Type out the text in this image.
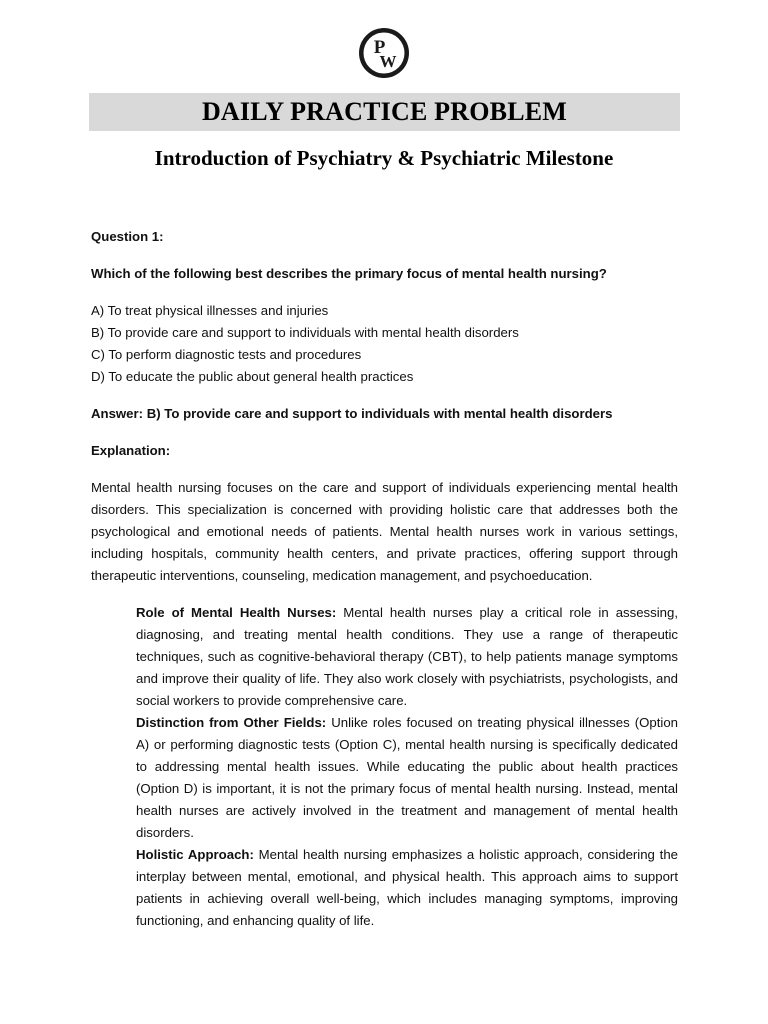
P
W
DAILY PRACTICE PROBLEM
Introduction of Psychiatry & Psychiatric Milestone

Question 1:

Which of the following best describes the primary focus of mental health nursing?

A) To treat physical illnesses and injuries
B) To provide care and support to individuals with mental health disorders
C) To perform diagnostic tests and procedures
D) To educate the public about general health practices

Answer: B) To provide care and support to individuals with mental health disorders

Explanation:

Mental health nursing focuses on the care and support of individuals experiencing mental health disorders. This specialization is concerned with providing holistic care that addresses both the psychological and emotional needs of patients. Mental health nurses work in various settings, including hospitals, community health centers, and private practices, offering support through therapeutic interventions, counseling, medication management, and psychoeducation.

Role of Mental Health Nurses: Mental health nurses play a critical role in assessing, diagnosing, and treating mental health conditions. They use a range of therapeutic techniques, such as cognitive-behavioral therapy (CBT), to help patients manage symptoms and improve their quality of life. They also work closely with psychiatrists, psychologists, and social workers to provide comprehensive care.

Distinction from Other Fields: Unlike roles focused on treating physical illnesses (Option A) or performing diagnostic tests (Option C), mental health nursing is specifically dedicated to addressing mental health issues. While educating the public about health practices (Option D) is important, it is not the primary focus of mental health nursing. Instead, mental health nurses are actively involved in the treatment and management of mental health disorders.

Holistic Approach: Mental health nursing emphasizes a holistic approach, considering the interplay between mental, emotional, and physical health. This approach aims to support patients in achieving overall well-being, which includes managing symptoms, improving functioning, and enhancing quality of life.
